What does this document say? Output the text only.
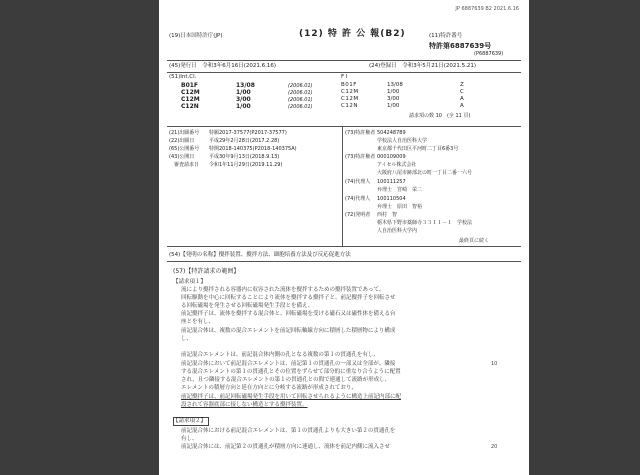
JP 6887639 B2 2021.6.16
(19)日本国特許庁(JP)	(12) 特 許 公 報(B2)	(11)特許番号
特許第6887639号
(P6887639)
(45)発行日　令和3年6月16日(2021.6.16)	(24)登録日　令和3年5月21日(2021.5.21)
(51)Int.Cl.	F I
B01F	13/08	(2006.01)
C12M	1/00	(2006.01)
C12M	3/00	(2006.01)
C12N	1/00	(2006.01)
B01F	13/08	Z
C12M	1/00	C
C12M	3/00	A
C12N	1/00	A
請求項の数 10　(全 11 頁)
(21)出願番号 特願2017-37577(P2017-37577)
(22)出願日	平成29年2月28日(2017.2.28)
(65)公開番号 特開2018-140375(P2018-140375A)
(43)公開日	平成30年9月13日(2018.9.13)
　審査請求日 令和1年11月29日(2019.11.29)
(73)特許権者 504248789
学校法人自治医科大学
東京都千代田区平河町二丁目6番3号
(73)特許権者 000109009
アイセル株式会社
大阪府八尾市跡部北の町一丁目二番一六号
(74)代理人 100111257
弁理士　宮崎　栄二
(74)代理人 100110504
弁理士　原田　智裕
(72)発明者 西村　智
栃木県下野市薬師寺３３１１－１　学校法
人自治医科大学内
最終頁に続く
(54)【発明の名称】攪拌装置、攪拌方法、細胞培養方法及び反応促進方法
(57)【特許請求の範囲】
【請求項１】
流により攪拌される容器内に収容された流体を攪拌するための攪拌装置であって、
回転駆動を中心に回転することにより流体を攪拌する攪拌子と、前記攪拌子を回転させ
る回転磁場を発生させる回転磁場発生手段とを備え、
前記攪拌子は、流体を攪拌する混合体と、回転磁場を受ける磁石又は磁性体を備える台
座とを有し、
前記混合体は、複数の混合エレメントを前記回転軸線方向に積層した積層物により構成
し、
前記混合エレメントは、前記混合体内側の孔となる複数の第１の貫通孔を有し、
前記混合体において前記混合エレメントは、前記第１の貫通孔の一部又は全部が、隣接
する混合エレメントの第１の貫通孔とその位置をずらせて部分的に重なり合うように配置
され、且つ隣接する混合エレメントの第１の貫通孔との間で連通して流路が形成し、
エレメントの積層方向と延在方向とに分岐する流路が形成されており、
前記攪拌子は、前記回転磁場発生手段を用いて回転させられるように構造上前記内部に配
設されて容器底部に接しない構造とする攪拌装置。
【請求項２】
前記混合体における前記混合エレメントは、第１の貫通孔よりも大きい第２の貫通孔を
有し、
前記混合体には、前記第２の貫通孔が積層方向に連通し、流体を前記内側に流入させ
10
20
